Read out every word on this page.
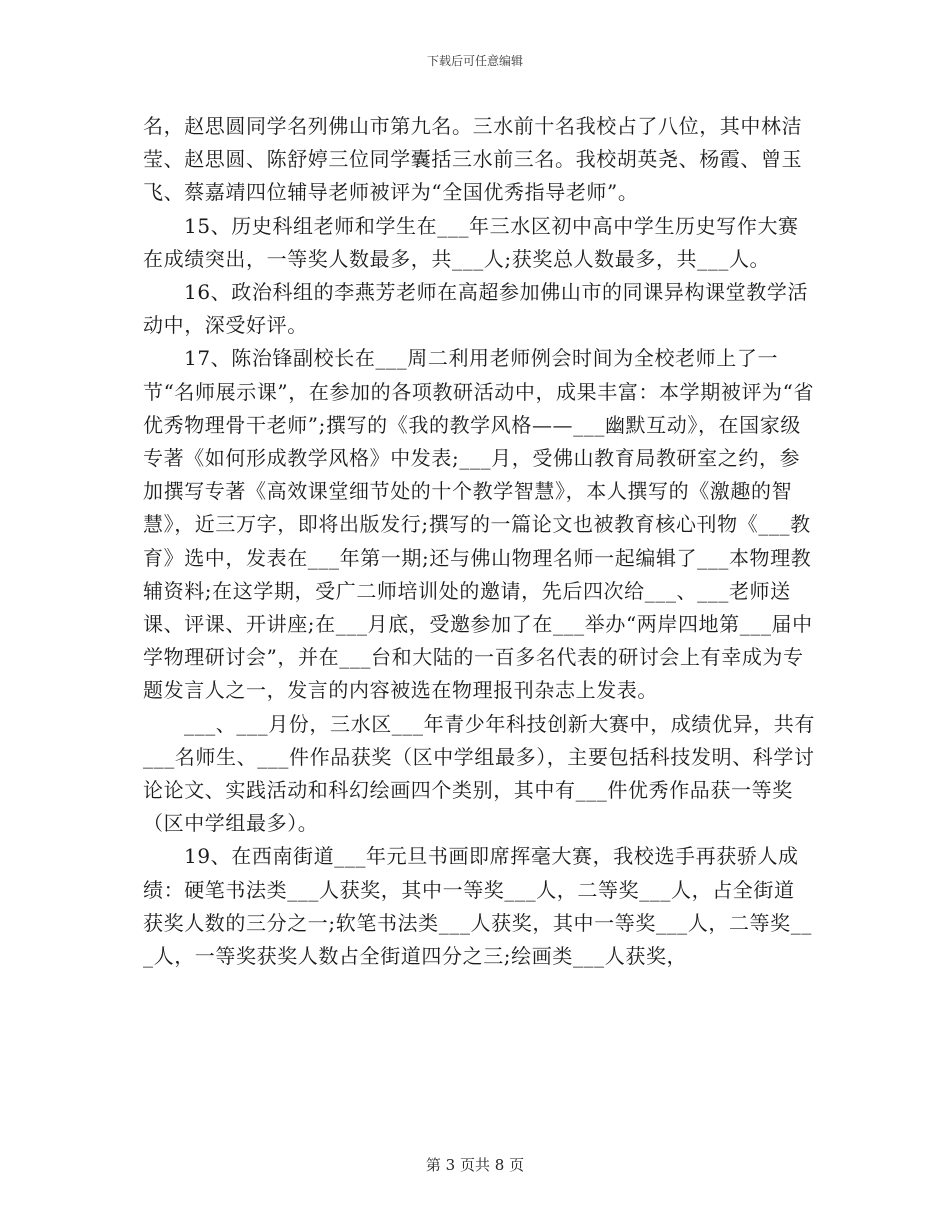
下载后可任意编辑

名，赵思圆同学名列佛山市第九名。三水前十名我校占了八位，其中林洁莹、赵思圆、陈舒婷三位同学囊括三水前三名。我校胡英尧、杨霞、曾玉飞、蔡嘉靖四位辅导老师被评为“全国优秀指导老师”。

15、历史科组老师和学生在___年三水区初中高中学生历史写作大赛在成绩突出，一等奖人数最多，共___人;获奖总人数最多，共___人。

16、政治科组的李燕芳老师在高超参加佛山市的同课异构课堂教学活动中，深受好评。

17、陈治锋副校长在___周二利用老师例会时间为全校老师上了一节“名师展示课”，在参加的各项教研活动中，成果丰富：本学期被评为“省优秀物理骨干老师”;撰写的《我的教学风格——___幽默互动》，在国家级专著《如何形成教学风格》中发表;___月，受佛山教育局教研室之约，参加撰写专著《高效课堂细节处的十个教学智慧》，本人撰写的《激趣的智慧》，近三万字，即将出版发行;撰写的一篇论文也被教育核心刊物《___教育》选中，发表在___年第一期;还与佛山物理名师一起编辑了___本物理教辅资料;在这学期，受广二师培训处的邀请，先后四次给___、___老师送课、评课、开讲座;在___月底，受邀参加了在___举办“两岸四地第___届中学物理研讨会”，并在___台和大陆的一百多名代表的研讨会上有幸成为专题发言人之一，发言的内容被选在物理报刊杂志上发表。

___、___月份，三水区___年青少年科技创新大赛中，成绩优异，共有___名师生、___件作品获奖（区中学组最多），主要包括科技发明、科学讨论论文、实践活动和科幻绘画四个类别，其中有___件优秀作品获一等奖（区中学组最多）。

19、在西南街道___年元旦书画即席挥毫大赛，我校选手再获骄人成绩：硬笔书法类___人获奖，其中一等奖___人，二等奖___人，占全街道获奖人数的三分之一;软笔书法类___人获奖，其中一等奖___人，二等奖___人，一等奖获奖人数占全街道四分之三;绘画类___人获奖，

第 3 页共 8 页
